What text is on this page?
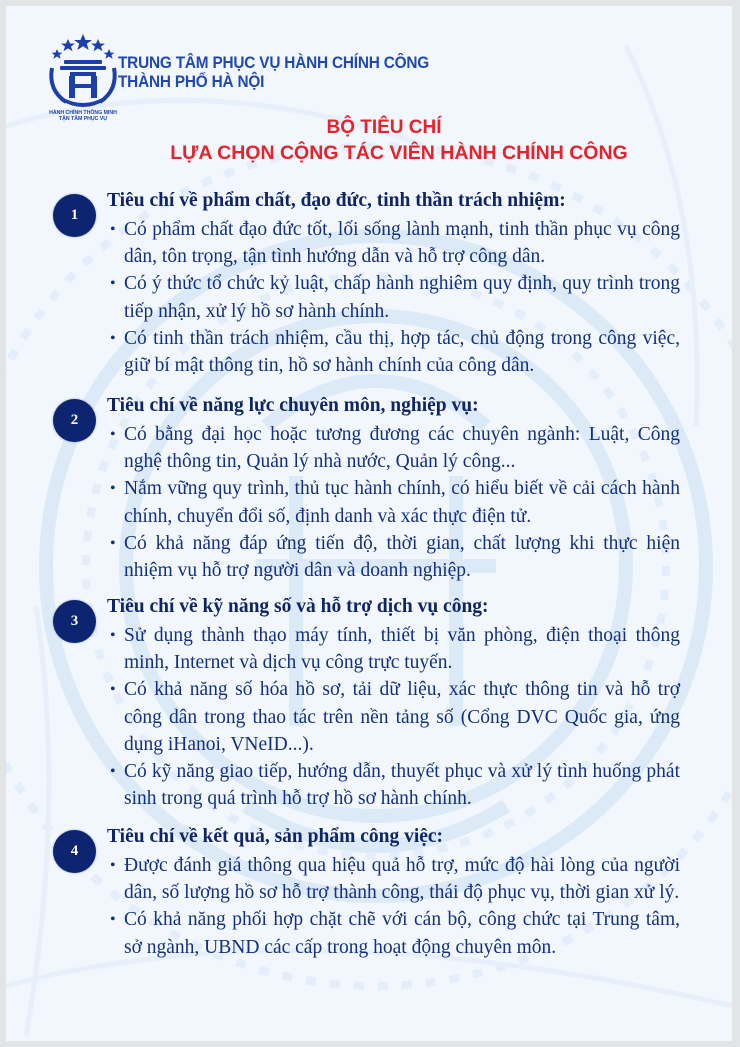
HÀNH CHÍNH THÔNG MINH
TẬN TÂM PHỤC VỤ
TRUNG TÂM PHỤC VỤ HÀNH CHÍNH CÔNG
THÀNH PHỐ HÀ NỘI
BỘ TIÊU CHÍ
LỰA CHỌN CỘNG TÁC VIÊN HÀNH CHÍNH CÔNG
1
Tiêu chí về phẩm chất, đạo đức, tinh thần trách nhiệm:
• Có phẩm chất đạo đức tốt, lối sống lành mạnh, tinh thần phục vụ công dân, tôn trọng, tận tình hướng dẫn và hỗ trợ công dân.
• Có ý thức tổ chức kỷ luật, chấp hành nghiêm quy định, quy trình trong tiếp nhận, xử lý hồ sơ hành chính.
• Có tinh thần trách nhiệm, cầu thị, hợp tác, chủ động trong công việc, giữ bí mật thông tin, hồ sơ hành chính của công dân.
2
Tiêu chí về năng lực chuyên môn, nghiệp vụ:
• Có bằng đại học hoặc tương đương các chuyên ngành: Luật, Công nghệ thông tin, Quản lý nhà nước, Quản lý công...
• Nắm vững quy trình, thủ tục hành chính, có hiểu biết về cải cách hành chính, chuyển đổi số, định danh và xác thực điện tử.
• Có khả năng đáp ứng tiến độ, thời gian, chất lượng khi thực hiện nhiệm vụ hỗ trợ người dân và doanh nghiệp.
3
Tiêu chí về kỹ năng số và hỗ trợ dịch vụ công:
• Sử dụng thành thạo máy tính, thiết bị văn phòng, điện thoại thông minh, Internet và dịch vụ công trực tuyến.
• Có khả năng số hóa hồ sơ, tải dữ liệu, xác thực thông tin và hỗ trợ công dân trong thao tác trên nền tảng số (Cổng DVC Quốc gia, ứng dụng iHanoi, VNeID...).
• Có kỹ năng giao tiếp, hướng dẫn, thuyết phục và xử lý tình huống phát sinh trong quá trình hỗ trợ hồ sơ hành chính.
4
Tiêu chí về kết quả, sản phẩm công việc:
• Được đánh giá thông qua hiệu quả hỗ trợ, mức độ hài lòng của người dân, số lượng hồ sơ hỗ trợ thành công, thái độ phục vụ, thời gian xử lý.
• Có khả năng phối hợp chặt chẽ với cán bộ, công chức tại Trung tâm, sở ngành, UBND các cấp trong hoạt động chuyên môn.
